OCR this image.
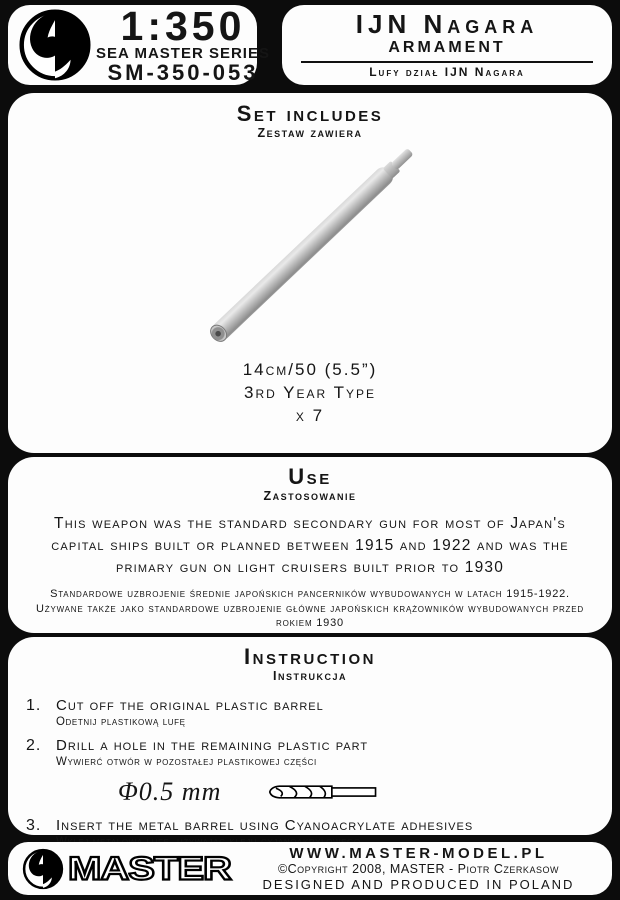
1:350
SEA MASTER SERIES
SM-350-053
IJN Nagara
ARMAMENT
Lufy dział IJN Nagara
Set includes
Zestaw zawiera
14cm/50 (5.5”)
3rd Year Type
x 7
Use
Zastosowanie

This weapon was the standard secondary gun for most of Japan's capital ships built or planned between 1915 and 1922 and was the primary gun on light cruisers built prior to 1930

Standardowe uzbrojenie średnie japońskich pancerników wybudowanych w latach 1915-1922. Używane także jako standardowe uzbrojenie główne japońskich krążowników wybudowanych przed rokiem 1930

Instruction
Instrukcja
1. Cut off the original plastic barrel
Odetnij plastikową lufę
2. Drill a hole in the remaining plastic part
Wywierć otwór w pozostałej plastikowej części
Φ0.5 mm
3. Insert the metal barrel using Cyanoacrylate adhesives
MASTER	WWW.MASTER-MODEL.PL
©Copyright 2008, MASTER - Piotr Czerkasow
DESIGNED AND PRODUCED IN POLAND
